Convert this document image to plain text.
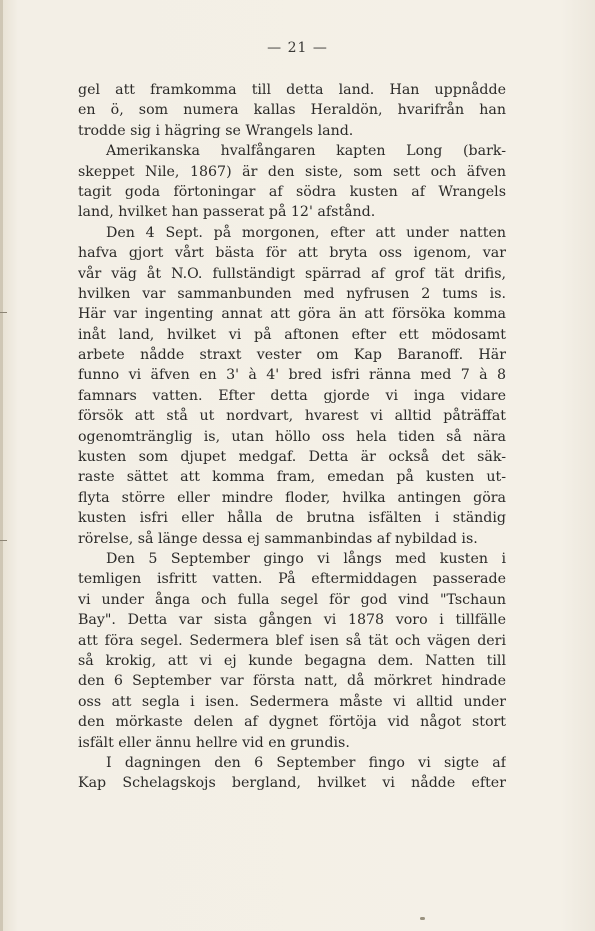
— 21 —
gel att framkomma till detta land. Han uppnådde
en ö, som numera kallas Heraldön, hvarifrån han
trodde sig i hägring se Wrangels land.
Amerikanska hvalfångaren kapten Long (bark-
skeppet Nile, 1867) är den siste, som sett och äfven
tagit goda förtoningar af södra kusten af Wrangels
land, hvilket han passerat på 12' afstånd.
Den 4 Sept. på morgonen, efter att under natten
hafva gjort vårt bästa för att bryta oss igenom, var
vår väg åt N.O. fullständigt spärrad af grof tät drifis,
hvilken var sammanbunden med nyfrusen 2 tums is.
Här var ingenting annat att göra än att försöka komma
inåt land, hvilket vi på aftonen efter ett mödosamt
arbete nådde straxt vester om Kap Baranoff. Här
funno vi äfven en 3' à 4' bred isfri ränna med 7 à 8
famnars vatten. Efter detta gjorde vi inga vidare
försök att stå ut nordvart, hvarest vi alltid påträffat
ogenomtränglig is, utan höllo oss hela tiden så nära
kusten som djupet medgaf. Detta är också det säk-
raste sättet att komma fram, emedan på kusten ut-
flyta större eller mindre floder, hvilka antingen göra
kusten isfri eller hålla de brutna isfälten i ständig
rörelse, så länge dessa ej sammanbindas af nybildad is.
Den 5 September gingo vi långs med kusten i
temligen isfritt vatten. På eftermiddagen passerade
vi under ånga och fulla segel för god vind "Tschaun
Bay". Detta var sista gången vi 1878 voro i tillfälle
att föra segel. Sedermera blef isen så tät och vägen deri
så krokig, att vi ej kunde begagna dem. Natten till
den 6 September var första natt, då mörkret hindrade
oss att segla i isen. Sedermera måste vi alltid under
den mörkaste delen af dygnet förtöja vid något stort
isfält eller ännu hellre vid en grundis.
I dagningen den 6 September fingo vi sigte af
Kap Schelagskojs bergland, hvilket vi nådde efter
